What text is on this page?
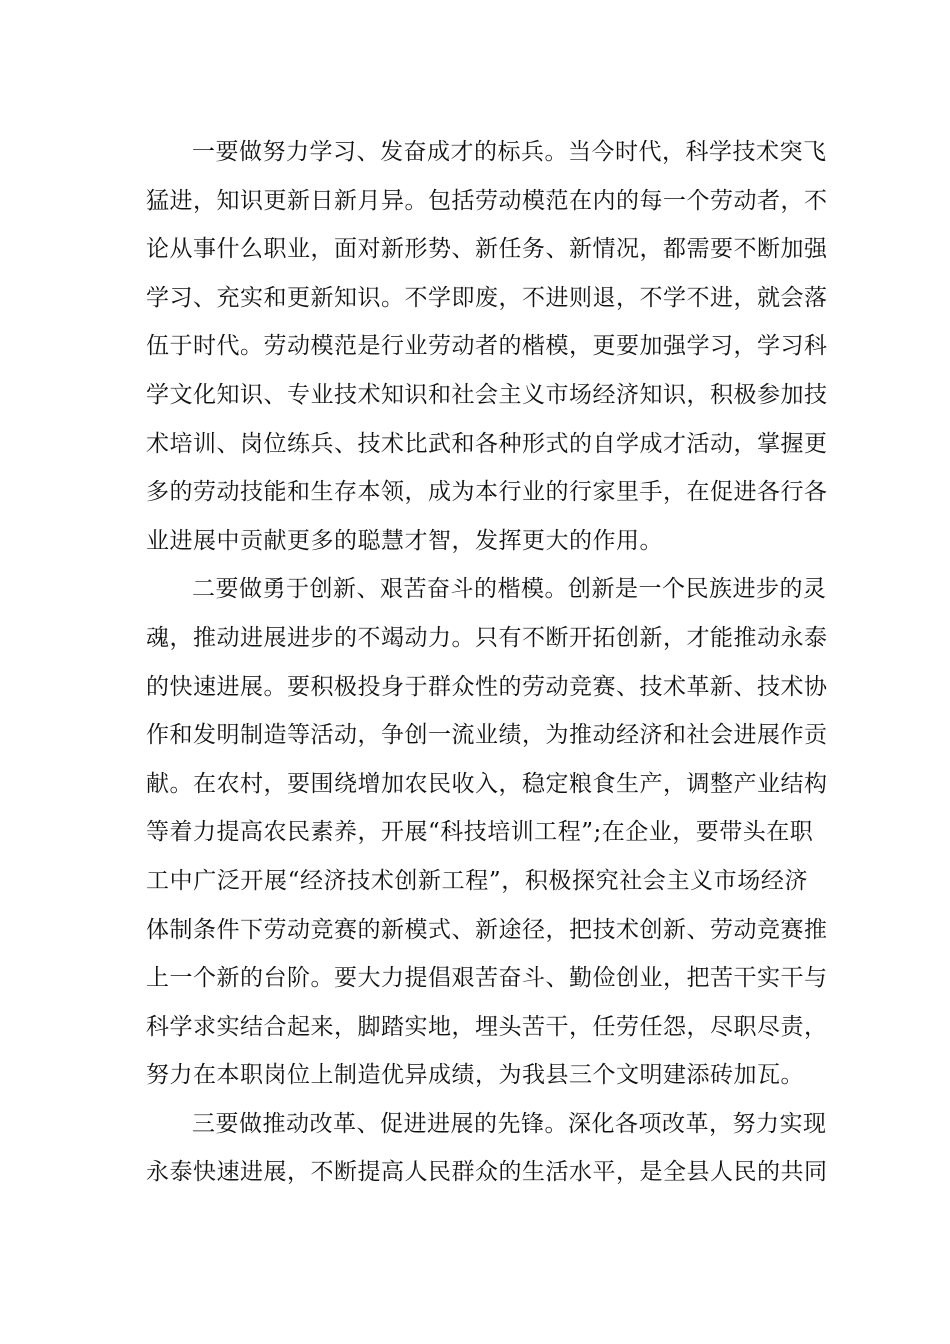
一要做努力学习、发奋成才的标兵。当今时代，科学技术突飞
猛进，知识更新日新月异。包括劳动模范在内的每一个劳动者，不
论从事什么职业，面对新形势、新任务、新情况，都需要不断加强
学习、充实和更新知识。不学即废，不进则退，不学不进，就会落
伍于时代。劳动模范是行业劳动者的楷模，更要加强学习，学习科
学文化知识、专业技术知识和社会主义市场经济知识，积极参加技
术培训、岗位练兵、技术比武和各种形式的自学成才活动，掌握更
多的劳动技能和生存本领，成为本行业的行家里手，在促进各行各
业进展中贡献更多的聪慧才智，发挥更大的作用。
二要做勇于创新、艰苦奋斗的楷模。创新是一个民族进步的灵
魂，推动进展进步的不竭动力。只有不断开拓创新，才能推动永泰
的快速进展。要积极投身于群众性的劳动竞赛、技术革新、技术协
作和发明制造等活动，争创一流业绩，为推动经济和社会进展作贡
献。在农村，要围绕增加农民收入，稳定粮食生产，调整产业结构
等着力提高农民素养，开展“科技培训工程”;在企业，要带头在职
工中广泛开展“经济技术创新工程”，积极探究社会主义市场经济
体制条件下劳动竞赛的新模式、新途径，把技术创新、劳动竞赛推
上一个新的台阶。要大力提倡艰苦奋斗、勤俭创业，把苦干实干与
科学求实结合起来，脚踏实地，埋头苦干，任劳任怨，尽职尽责，
努力在本职岗位上制造优异成绩，为我县三个文明建添砖加瓦。
三要做推动改革、促进进展的先锋。深化各项改革，努力实现
永泰快速进展，不断提高人民群众的生活水平，是全县人民的共同
